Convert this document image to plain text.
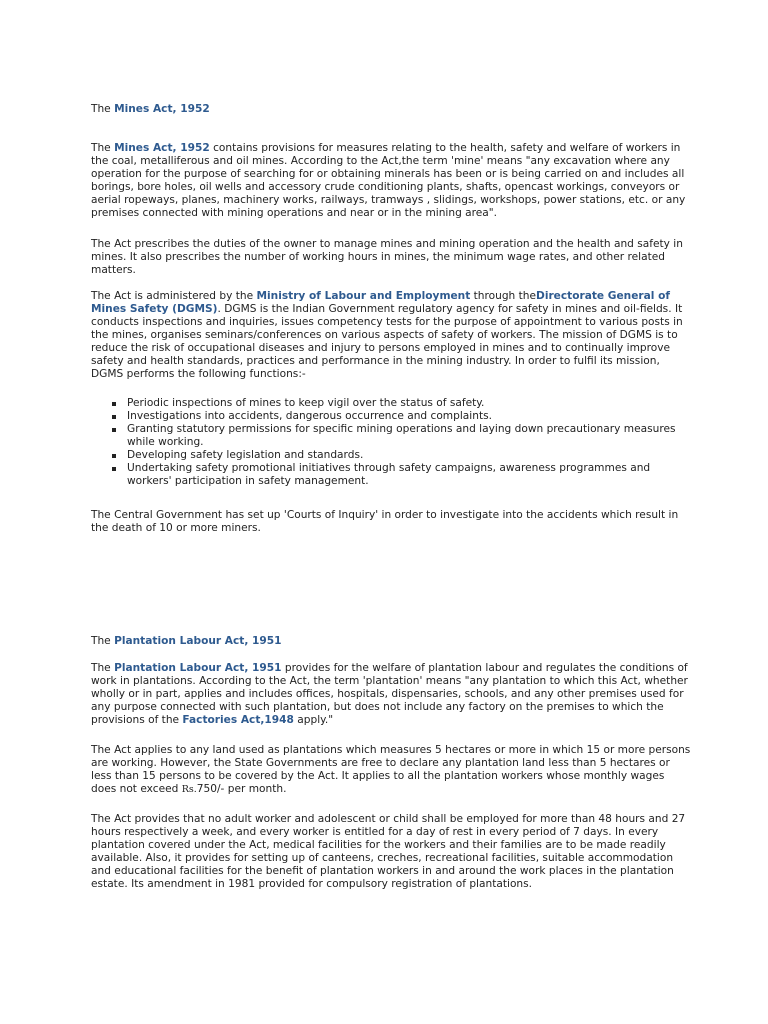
The Mines Act, 1952

The Mines Act, 1952 contains provisions for measures relating to the health, safety and welfare of workers in the coal, metalliferous and oil mines. According to the Act,the term 'mine' means "any excavation where any operation for the purpose of searching for or obtaining minerals has been or is being carried on and includes all borings, bore holes, oil wells and accessory crude conditioning plants, shafts, opencast workings, conveyors or aerial ropeways, planes, machinery works, railways, tramways , slidings, workshops, power stations, etc. or any premises connected with mining operations and near or in the mining area".

The Act prescribes the duties of the owner to manage mines and mining operation and the health and safety in mines. It also prescribes the number of working hours in mines, the minimum wage rates, and other related matters.

The Act is administered by the Ministry of Labour and Employment through theDirectorate General of Mines Safety (DGMS). DGMS is the Indian Government regulatory agency for safety in mines and oil-fields. It conducts inspections and inquiries, issues competency tests for the purpose of appointment to various posts in the mines, organises seminars/conferences on various aspects of safety of workers. The mission of DGMS is to reduce the risk of occupational diseases and injury to persons employed in mines and to continually improve safety and health standards, practices and performance in the mining industry. In order to fulfil its mission, DGMS performs the following functions:-

Periodic inspections of mines to keep vigil over the status of safety.
Investigations into accidents, dangerous occurrence and complaints.
Granting statutory permissions for specific mining operations and laying down precautionary measures while working.
Developing safety legislation and standards.
Undertaking safety promotional initiatives through safety campaigns, awareness programmes and workers' participation in safety management.

The Central Government has set up 'Courts of Inquiry' in order to investigate into the accidents which result in the death of 10 or more miners.

The Plantation Labour Act, 1951

The Plantation Labour Act, 1951 provides for the welfare of plantation labour and regulates the conditions of work in plantations. According to the Act, the term 'plantation' means "any plantation to which this Act, whether wholly or in part, applies and includes offices, hospitals, dispensaries, schools, and any other premises used for any purpose connected with such plantation, but does not include any factory on the premises to which the provisions of the Factories Act,1948 apply."

The Act applies to any land used as plantations which measures 5 hectares or more in which 15 or more persons are working. However, the State Governments are free to declare any plantation land less than 5 hectares or less than 15 persons to be covered by the Act. It applies to all the plantation workers whose monthly wages does not exceed Rs.750/- per month.

The Act provides that no adult worker and adolescent or child shall be employed for more than 48 hours and 27 hours respectively a week, and every worker is entitled for a day of rest in every period of 7 days. In every plantation covered under the Act, medical facilities for the workers and their families are to be made readily available. Also, it provides for setting up of canteens, creches, recreational facilities, suitable accommodation and educational facilities for the benefit of plantation workers in and around the work places in the plantation estate. Its amendment in 1981 provided for compulsory registration of plantations.
